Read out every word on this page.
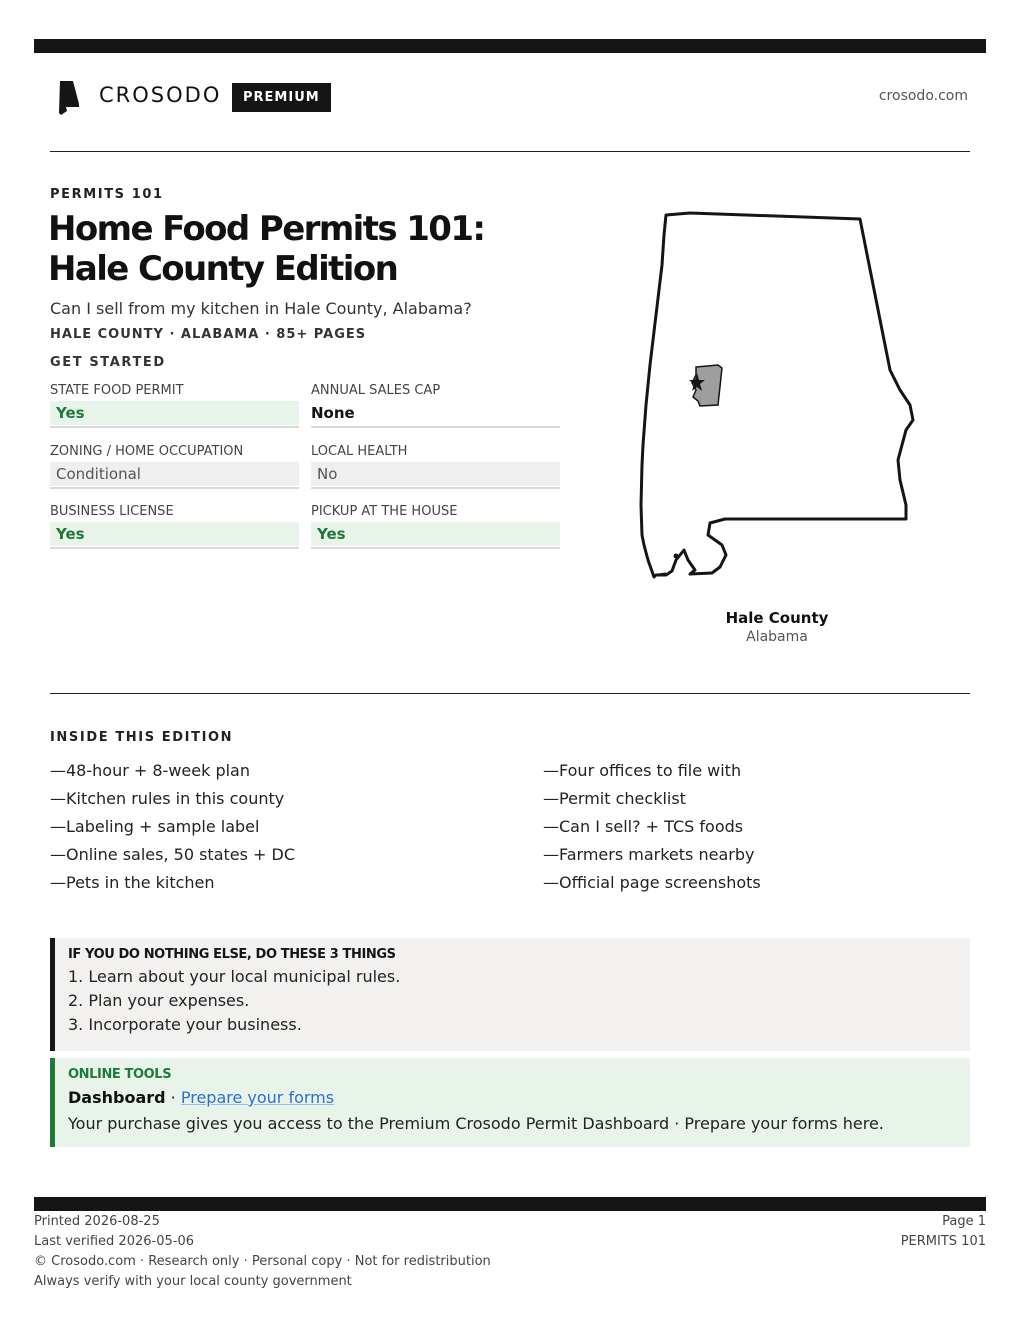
CROSODO	PREMIUM	crosodo.com
PERMITS 101
Home Food Permits 101: Hale County Edition
Can I sell from my kitchen in Hale County, Alabama?
HALE COUNTY · ALABAMA · 85+ PAGES
GET STARTED
STATE FOOD PERMIT
Yes
ANNUAL SALES CAP
None
ZONING / HOME OCCUPATION
Conditional
LOCAL HEALTH
No
BUSINESS LICENSE
Yes
PICKUP AT THE HOUSE
Yes
Hale County
Alabama
INSIDE THIS EDITION
— 48-hour + 8-week plan
— Kitchen rules in this county
— Labeling + sample label
— Online sales, 50 states + DC
— Pets in the kitchen
— Four offices to file with
— Permit checklist
— Can I sell? + TCS foods
— Farmers markets nearby
— Official page screenshots
IF YOU DO NOTHING ELSE, DO THESE 3 THINGS
1. Learn about your local municipal rules.
2. Plan your expenses.
3. Incorporate your business.
ONLINE TOOLS
Dashboard · Prepare your forms
Your purchase gives you access to the Premium Crosodo Permit Dashboard · Prepare your forms here.
Printed 2026-08-25
Last verified 2026-05-06
© Crosodo.com · Research only · Personal copy · Not for redistribution
Always verify with your local county government
Page 1
PERMITS 101
